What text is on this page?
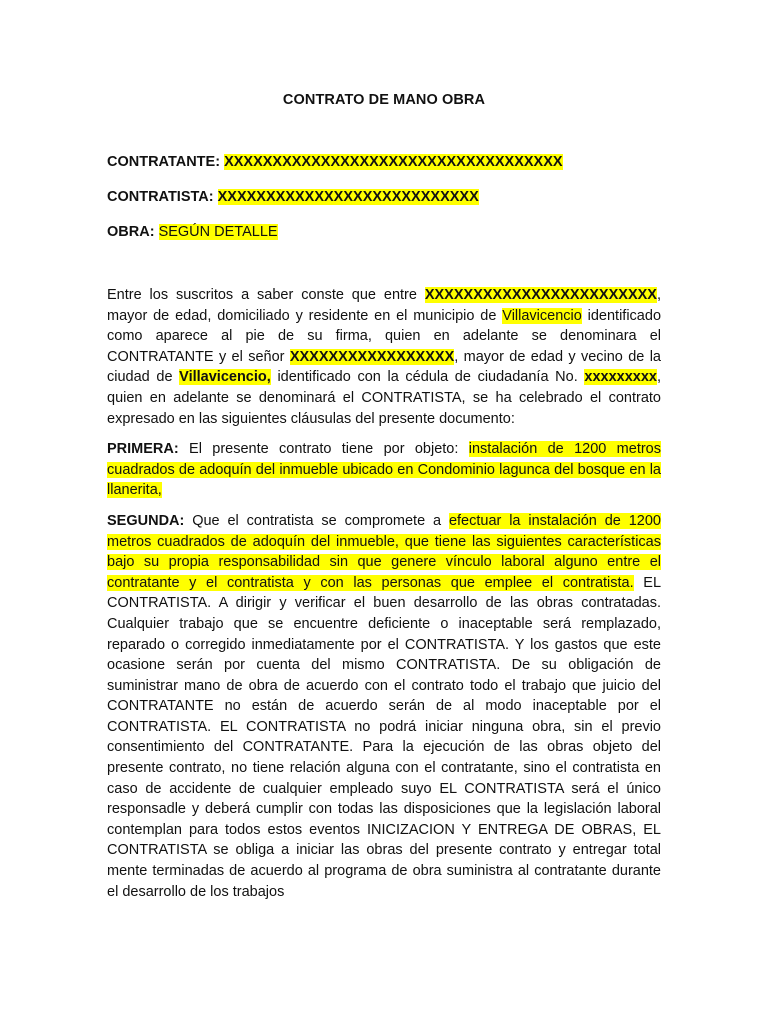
CONTRATO DE MANO OBRA
CONTRATANTE: XXXXXXXXXXXXXXXXXXXXXXXXXXXXXXXXXXX
CONTRATISTA: XXXXXXXXXXXXXXXXXXXXXXXXXXX
OBRA: SEGÚN DETALLE

Entre los suscritos a saber conste que entre XXXXXXXXXXXXXXXXXXXXXXXX, mayor de edad, domiciliado y residente en el municipio de Villavicencio identificado como aparece al pie de su firma, quien en adelante se denominara el CONTRATANTE y el señor XXXXXXXXXXXXXXXXX, mayor de edad y vecino de la ciudad de Villavicencio, identificado con la cédula de ciudadanía No. xxxxxxxxx, quien en adelante se denominará el CONTRATISTA, se ha celebrado el contrato expresado en las siguientes cláusulas del presente documento:

PRIMERA: El presente contrato tiene por objeto: instalación de 1200 metros cuadrados de adoquín del inmueble ubicado en Condominio lagunca del bosque en la llanerita,

SEGUNDA: Que el contratista se compromete a efectuar la instalación de 1200 metros cuadrados de adoquín del inmueble, que tiene las siguientes características bajo su propia responsabilidad sin que genere vínculo laboral alguno entre el contratante y el contratista y con las personas que emplee el contratista. EL CONTRATISTA. A dirigir y verificar el buen desarrollo de las obras contratadas. Cualquier trabajo que se encuentre deficiente o inaceptable será remplazado, reparado o corregido inmediatamente por el CONTRATISTA. Y los gastos que este ocasione serán por cuenta del mismo CONTRATISTA. De su obligación de suministrar mano de obra de acuerdo con el contrato todo el trabajo que juicio del CONTRATANTE no están de acuerdo serán de al modo inaceptable por el CONTRATISTA. EL CONTRATISTA no podrá iniciar ninguna obra, sin el previo consentimiento del CONTRATANTE. Para la ejecución de las obras objeto del presente contrato, no tiene relación alguna con el contratante, sino el contratista en caso de accidente de cualquier empleado suyo EL CONTRATISTA será el único responsadle y deberá cumplir con todas las disposiciones que la legislación laboral contemplan para todos estos eventos INICIZACION Y ENTREGA DE OBRAS, EL CONTRATISTA se obliga a iniciar las obras del presente contrato y entregar total mente terminadas de acuerdo al programa de obra suministra al contratante durante el desarrollo de los trabajos
